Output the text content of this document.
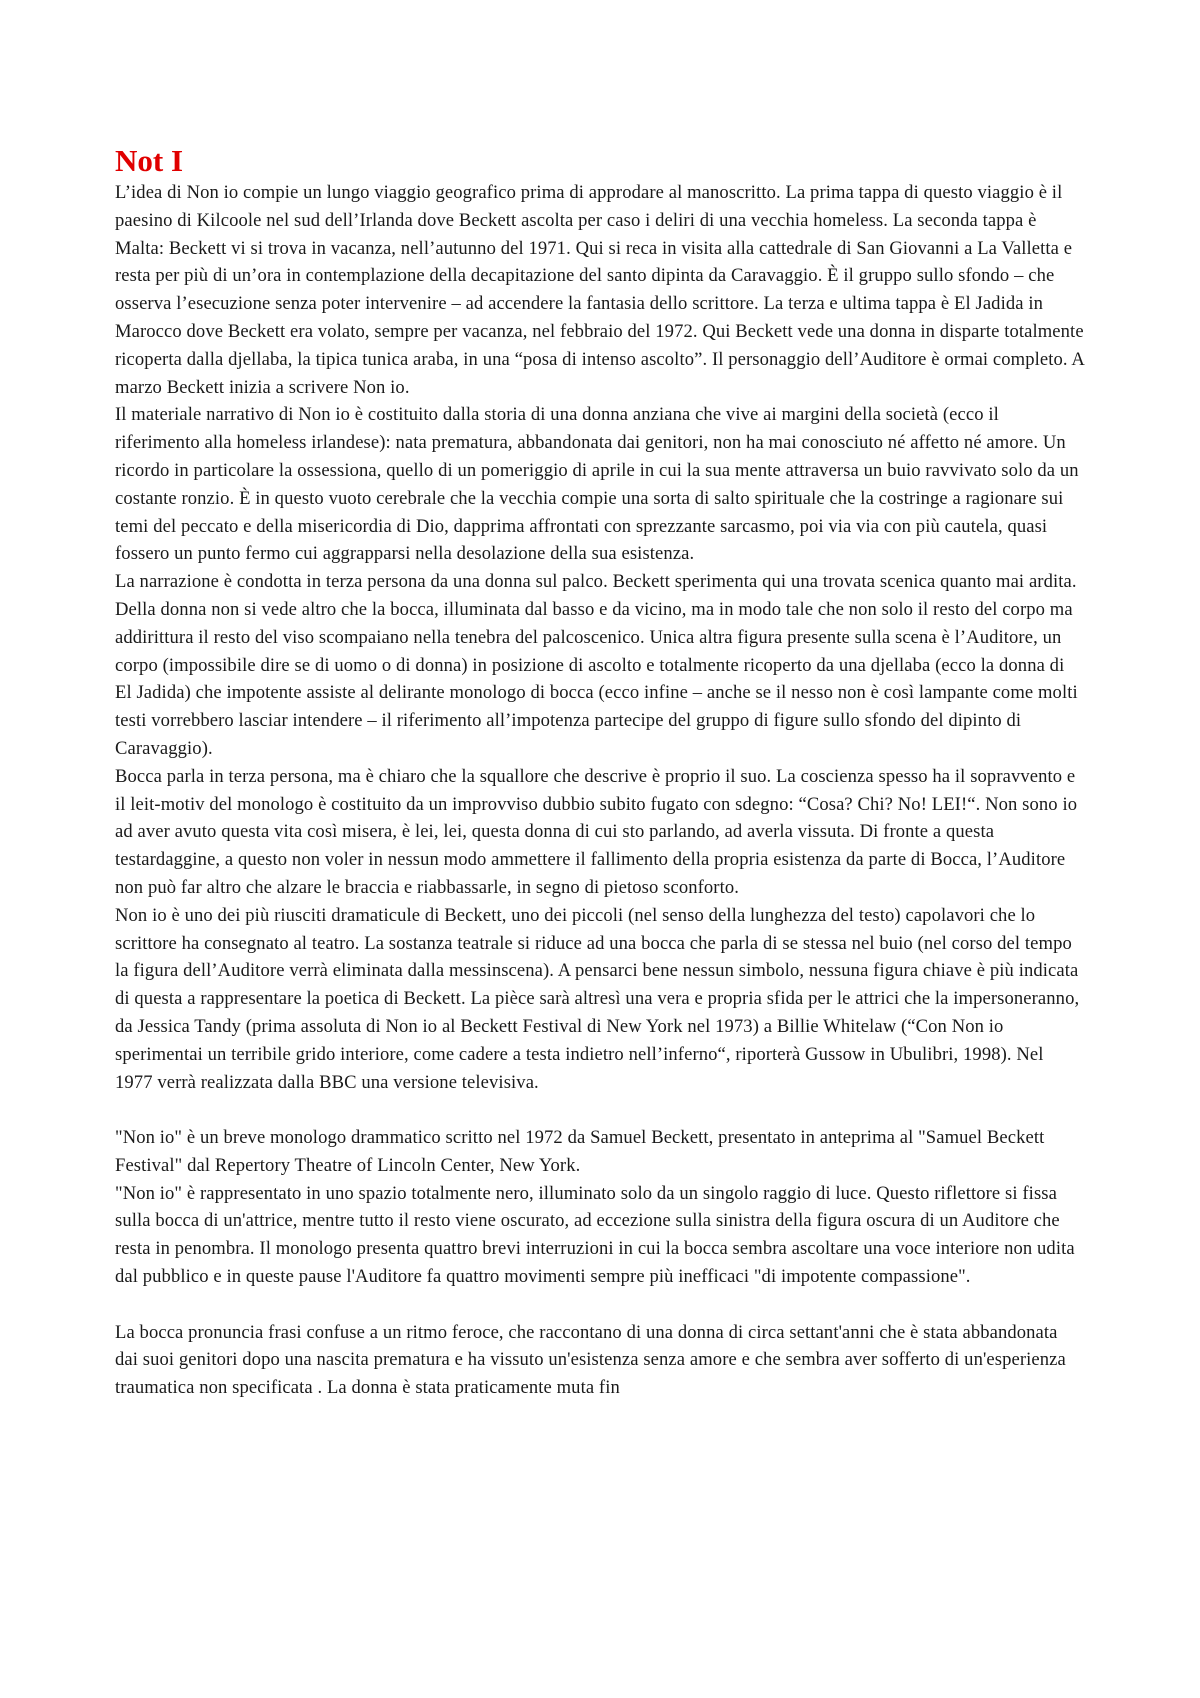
Not I

L’idea di Non io compie un lungo viaggio geografico prima di approdare al manoscritto. La prima tappa di questo viaggio è il paesino di Kilcoole nel sud dell’Irlanda dove Beckett ascolta per caso i deliri di una vecchia homeless. La seconda tappa è Malta: Beckett vi si trova in vacanza, nell’autunno del 1971. Qui si reca in visita alla cattedrale di San Giovanni a La Valletta e resta per più di un’ora in contemplazione della decapitazione del santo dipinta da Caravaggio. È il gruppo sullo sfondo – che osserva l’esecuzione senza poter intervenire – ad accendere la fantasia dello scrittore. La terza e ultima tappa è El Jadida in Marocco dove Beckett era volato, sempre per vacanza, nel febbraio del 1972. Qui Beckett vede una donna in disparte totalmente ricoperta dalla djellaba, la tipica tunica araba, in una “posa di intenso ascolto”. Il personaggio dell’Auditore è ormai completo. A marzo Beckett inizia a scrivere Non io.

Il materiale narrativo di Non io è costituito dalla storia di una donna anziana che vive ai margini della società (ecco il riferimento alla homeless irlandese): nata prematura, abbandonata dai genitori, non ha mai conosciuto né affetto né amore. Un ricordo in particolare la ossessiona, quello di un pomeriggio di aprile in cui la sua mente attraversa un buio ravvivato solo da un costante ronzio. È in questo vuoto cerebrale che la vecchia compie una sorta di salto spirituale che la costringe a ragionare sui temi del peccato e della misericordia di Dio, dapprima affrontati con sprezzante sarcasmo, poi via via con più cautela, quasi fossero un punto fermo cui aggrapparsi nella desolazione della sua esistenza.

La narrazione è condotta in terza persona da una donna sul palco. Beckett sperimenta qui una trovata scenica quanto mai ardita. Della donna non si vede altro che la bocca, illuminata dal basso e da vicino, ma in modo tale che non solo il resto del corpo ma addirittura il resto del viso scompaiano nella tenebra del palcoscenico. Unica altra figura presente sulla scena è l’Auditore, un corpo (impossibile dire se di uomo o di donna) in posizione di ascolto e totalmente ricoperto da una djellaba (ecco la donna di El Jadida) che impotente assiste al delirante monologo di bocca (ecco infine – anche se il nesso non è così lampante come molti testi vorrebbero lasciar intendere – il riferimento all’impotenza partecipe del gruppo di figure sullo sfondo del dipinto di Caravaggio).

Bocca parla in terza persona, ma è chiaro che la squallore che descrive è proprio il suo. La coscienza spesso ha il sopravvento e il leit-motiv del monologo è costituito da un improvviso dubbio subito fugato con sdegno: “Cosa? Chi? No! LEI!“. Non sono io ad aver avuto questa vita così misera, è lei, lei, questa donna di cui sto parlando, ad averla vissuta. Di fronte a questa testardaggine, a questo non voler in nessun modo ammettere il fallimento della propria esistenza da parte di Bocca, l’Auditore non può far altro che alzare le braccia e riabbassarle, in segno di pietoso sconforto.

Non io è uno dei più riusciti dramaticule di Beckett, uno dei piccoli (nel senso della lunghezza del testo) capolavori che lo scrittore ha consegnato al teatro. La sostanza teatrale si riduce ad una bocca che parla di se stessa nel buio (nel corso del tempo la figura dell’Auditore verrà eliminata dalla messinscena). A pensarci bene nessun simbolo, nessuna figura chiave è più indicata di questa a rappresentare la poetica di Beckett. La pièce sarà altresì una vera e propria sfida per le attrici che la impersoneranno, da Jessica Tandy (prima assoluta di Non io al Beckett Festival di New York nel 1973) a Billie Whitelaw (“Con Non io sperimentai un terribile grido interiore, come cadere a testa indietro nell’inferno“, riporterà Gussow in Ubulibri, 1998). Nel 1977 verrà realizzata dalla BBC una versione televisiva.

"Non io" è un breve monologo drammatico scritto nel 1972 da Samuel Beckett, presentato in anteprima al "Samuel Beckett Festival" dal Repertory Theatre of Lincoln Center, New York.

"Non io" è rappresentato in uno spazio totalmente nero, illuminato solo da un singolo raggio di luce. Questo riflettore si fissa sulla bocca di un'attrice, mentre tutto il resto viene oscurato, ad eccezione sulla sinistra della figura oscura di un Auditore che resta in penombra. Il monologo presenta quattro brevi interruzioni in cui la bocca sembra ascoltare una voce interiore non udita dal pubblico e in queste pause l'Auditore fa quattro movimenti sempre più inefficaci "di impotente compassione".

La bocca pronuncia frasi confuse a un ritmo feroce, che raccontano di una donna di circa settant'anni che è stata abbandonata dai suoi genitori dopo una nascita prematura e ha vissuto un'esistenza senza amore e che sembra aver sofferto di un'esperienza traumatica non specificata . La donna è stata praticamente muta fin
